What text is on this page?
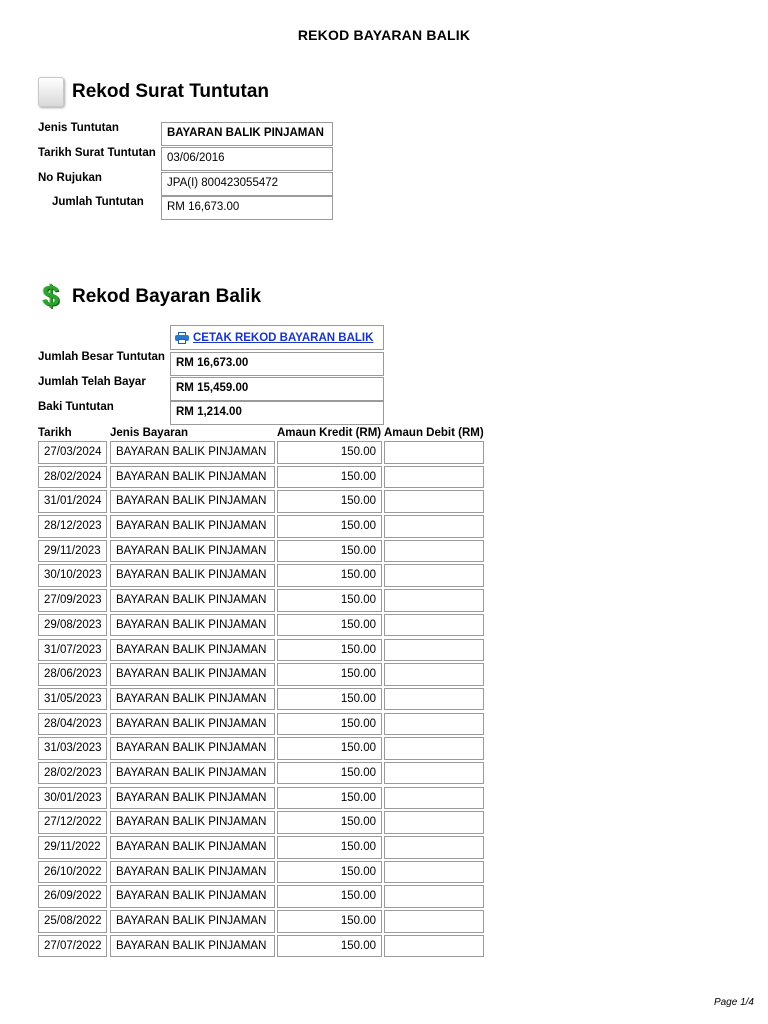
REKOD BAYARAN BALIK
Rekod Surat Tuntutan
Jenis Tuntutan	BAYARAN BALIK PINJAMAN
Tarikh Surat Tuntutan 03/06/2016
No Rujukan	JPA(I) 800423055472
Jumlah Tuntutan	RM 16,673.00
$ Rekod Bayaran Balik
CETAK REKOD BAYARAN BALIK
Jumlah Besar Tuntutan RM 16,673.00
Jumlah Telah Bayar	RM 15,459.00
Baki Tuntutan	RM 1,214.00
Tarikh	Jenis Bayaran	Amaun Kredit (RM) Amaun Debit (RM)
27/03/2024	BAYARAN BALIK PINJAMAN	150.00
28/02/2024	BAYARAN BALIK PINJAMAN	150.00
31/01/2024	BAYARAN BALIK PINJAMAN	150.00
28/12/2023	BAYARAN BALIK PINJAMAN	150.00
29/11/2023	BAYARAN BALIK PINJAMAN	150.00
30/10/2023	BAYARAN BALIK PINJAMAN	150.00
27/09/2023	BAYARAN BALIK PINJAMAN	150.00
29/08/2023	BAYARAN BALIK PINJAMAN	150.00
31/07/2023	BAYARAN BALIK PINJAMAN	150.00
28/06/2023	BAYARAN BALIK PINJAMAN	150.00
31/05/2023	BAYARAN BALIK PINJAMAN	150.00
28/04/2023	BAYARAN BALIK PINJAMAN	150.00
31/03/2023	BAYARAN BALIK PINJAMAN	150.00
28/02/2023	BAYARAN BALIK PINJAMAN	150.00
30/01/2023	BAYARAN BALIK PINJAMAN	150.00
27/12/2022	BAYARAN BALIK PINJAMAN	150.00
29/11/2022	BAYARAN BALIK PINJAMAN	150.00
26/10/2022	BAYARAN BALIK PINJAMAN	150.00
26/09/2022	BAYARAN BALIK PINJAMAN	150.00
25/08/2022	BAYARAN BALIK PINJAMAN	150.00
27/07/2022	BAYARAN BALIK PINJAMAN	150.00
Page 1/4
